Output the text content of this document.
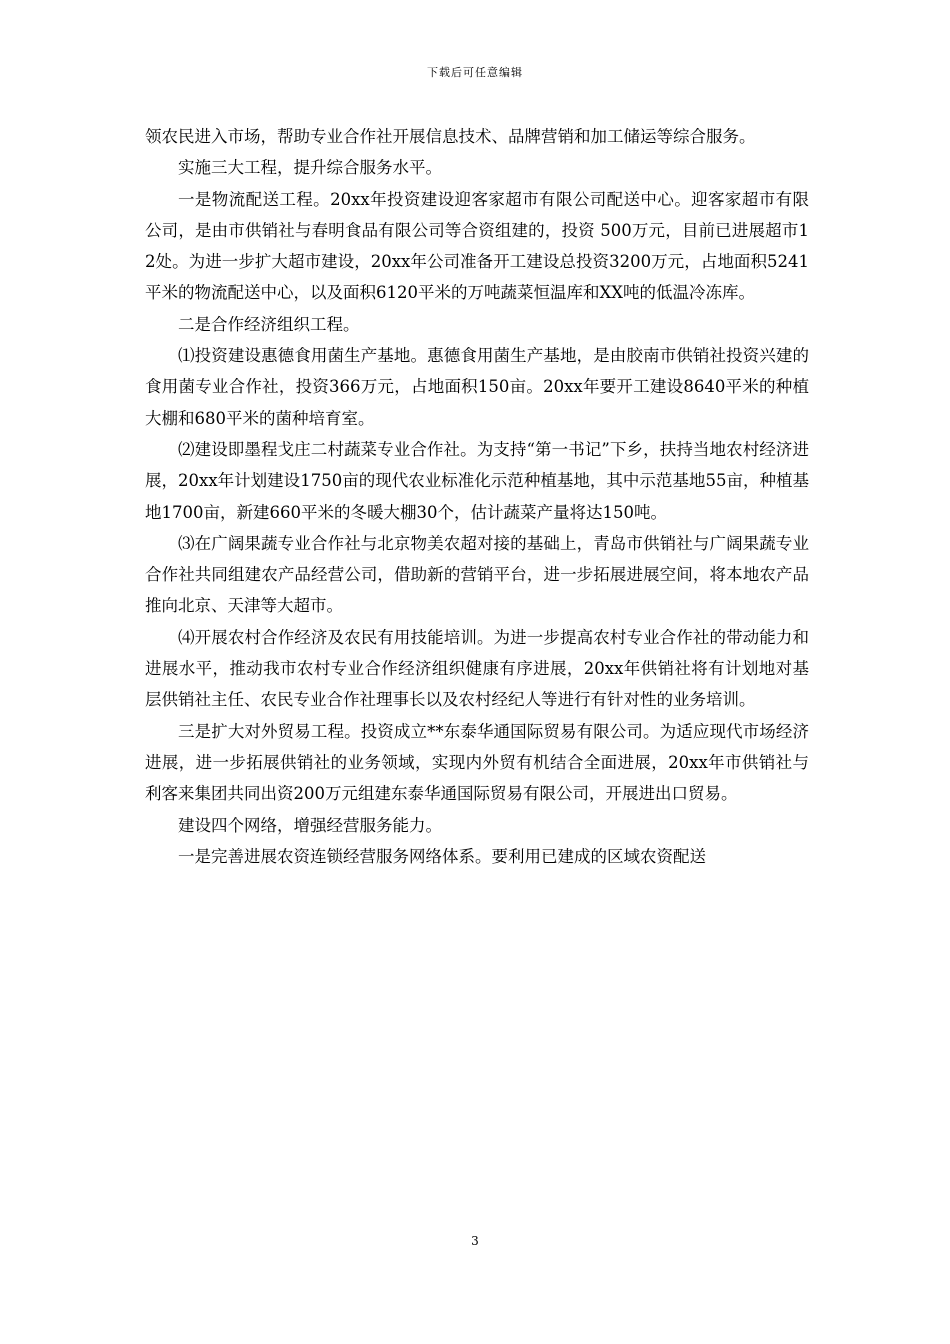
下载后可任意编辑

领农民进入市场，帮助专业合作社开展信息技术、品牌营销和加工储运等综合服务。

实施三大工程，提升综合服务水平。

一是物流配送工程。20xx年投资建设迎客家超市有限公司配送中心。迎客家超市有限公司，是由市供销社与春明食品有限公司等合资组建的，投资 500万元，目前已进展超市12处。为进一步扩大超市建设，20xx年公司准备开工建设总投资3200万元，占地面积5241平米的物流配送中心，以及面积6120平米的万吨蔬菜恒温库和XX吨的低温冷冻库。

二是合作经济组织工程。

⑴投资建设惠德食用菌生产基地。惠德食用菌生产基地，是由胶南市供销社投资兴建的食用菌专业合作社，投资366万元，占地面积150亩。20xx年要开工建设8640平米的种植大棚和680平米的菌种培育室。

⑵建设即墨程戈庄二村蔬菜专业合作社。为支持“第一书记”下乡，扶持当地农村经济进展，20xx年计划建设1750亩的现代农业标准化示范种植基地，其中示范基地55亩，种植基地1700亩，新建660平米的冬暖大棚30个，估计蔬菜产量将达150吨。

⑶在广阔果蔬专业合作社与北京物美农超对接的基础上，青岛市供销社与广阔果蔬专业合作社共同组建农产品经营公司，借助新的营销平台，进一步拓展进展空间，将本地农产品推向北京、天津等大超市。

⑷开展农村合作经济及农民有用技能培训。为进一步提高农村专业合作社的带动能力和进展水平，推动我市农村专业合作经济组织健康有序进展，20xx年供销社将有计划地对基层供销社主任、农民专业合作社理事长以及农村经纪人等进行有针对性的业务培训。

三是扩大对外贸易工程。投资成立**东泰华通国际贸易有限公司。为适应现代市场经济进展，进一步拓展供销社的业务领域，实现内外贸有机结合全面进展，20xx年市供销社与利客来集团共同出资200万元组建东泰华通国际贸易有限公司，开展进出口贸易。

建设四个网络，增强经营服务能力。

一是完善进展农资连锁经营服务网络体系。要利用已建成的区域农资配送

3
